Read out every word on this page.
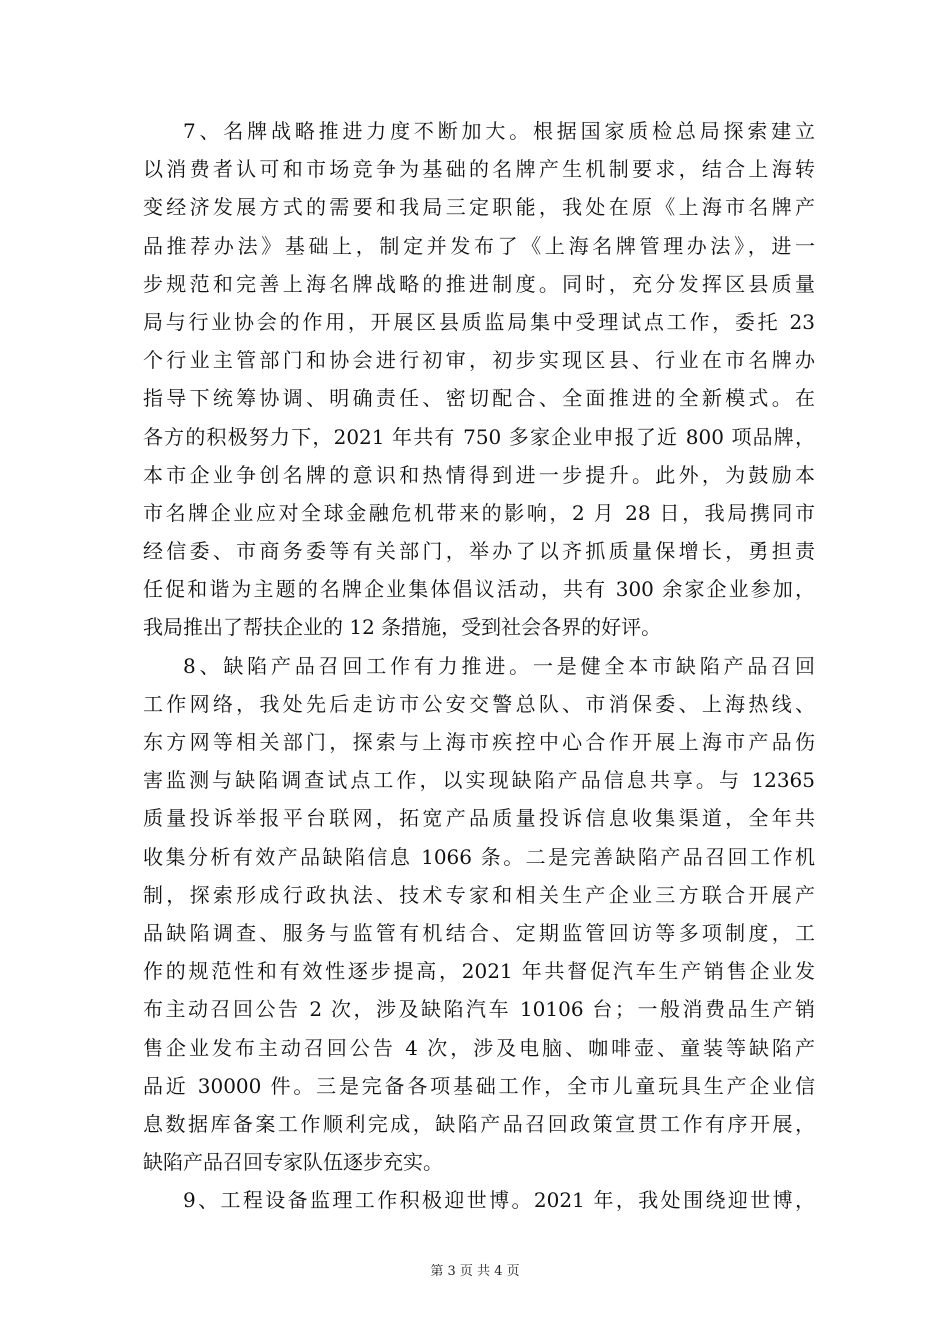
7、名牌战略推进力度不断加大。根据国家质检总局探索建立
以消费者认可和市场竞争为基础的名牌产生机制要求，结合上海转
变经济发展方式的需要和我局三定职能，我处在原《上海市名牌产
品推荐办法》基础上，制定并发布了《上海名牌管理办法》，进一
步规范和完善上海名牌战略的推进制度。同时，充分发挥区县质量
局与行业协会的作用，开展区县质监局集中受理试点工作，委托 23
个行业主管部门和协会进行初审，初步实现区县、行业在市名牌办
指导下统筹协调、明确责任、密切配合、全面推进的全新模式。在
各方的积极努力下，2021 年共有 750 多家企业申报了近 800 项品牌，
本市企业争创名牌的意识和热情得到进一步提升。此外，为鼓励本
市名牌企业应对全球金融危机带来的影响，2 月 28 日，我局携同市
经信委、市商务委等有关部门，举办了以齐抓质量保增长，勇担责
任促和谐为主题的名牌企业集体倡议活动，共有 300 余家企业参加，
我局推出了帮扶企业的 12 条措施，受到社会各界的好评。
8、缺陷产品召回工作有力推进。一是健全本市缺陷产品召回
工作网络，我处先后走访市公安交警总队、市消保委、上海热线、
东方网等相关部门，探索与上海市疾控中心合作开展上海市产品伤
害监测与缺陷调查试点工作，以实现缺陷产品信息共享。与 12365
质量投诉举报平台联网，拓宽产品质量投诉信息收集渠道，全年共
收集分析有效产品缺陷信息 1066 条。二是完善缺陷产品召回工作机
制，探索形成行政执法、技术专家和相关生产企业三方联合开展产
品缺陷调查、服务与监管有机结合、定期监管回访等多项制度，工
作的规范性和有效性逐步提高，2021 年共督促汽车生产销售企业发
布主动召回公告 2 次，涉及缺陷汽车 10106 台；一般消费品生产销
售企业发布主动召回公告 4 次，涉及电脑、咖啡壶、童装等缺陷产
品近 30000 件。三是完备各项基础工作，全市儿童玩具生产企业信
息数据库备案工作顺利完成，缺陷产品召回政策宣贯工作有序开展，
缺陷产品召回专家队伍逐步充实。
9、工程设备监理工作积极迎世博。2021 年，我处围绕迎世博，
第 3 页 共 4 页
